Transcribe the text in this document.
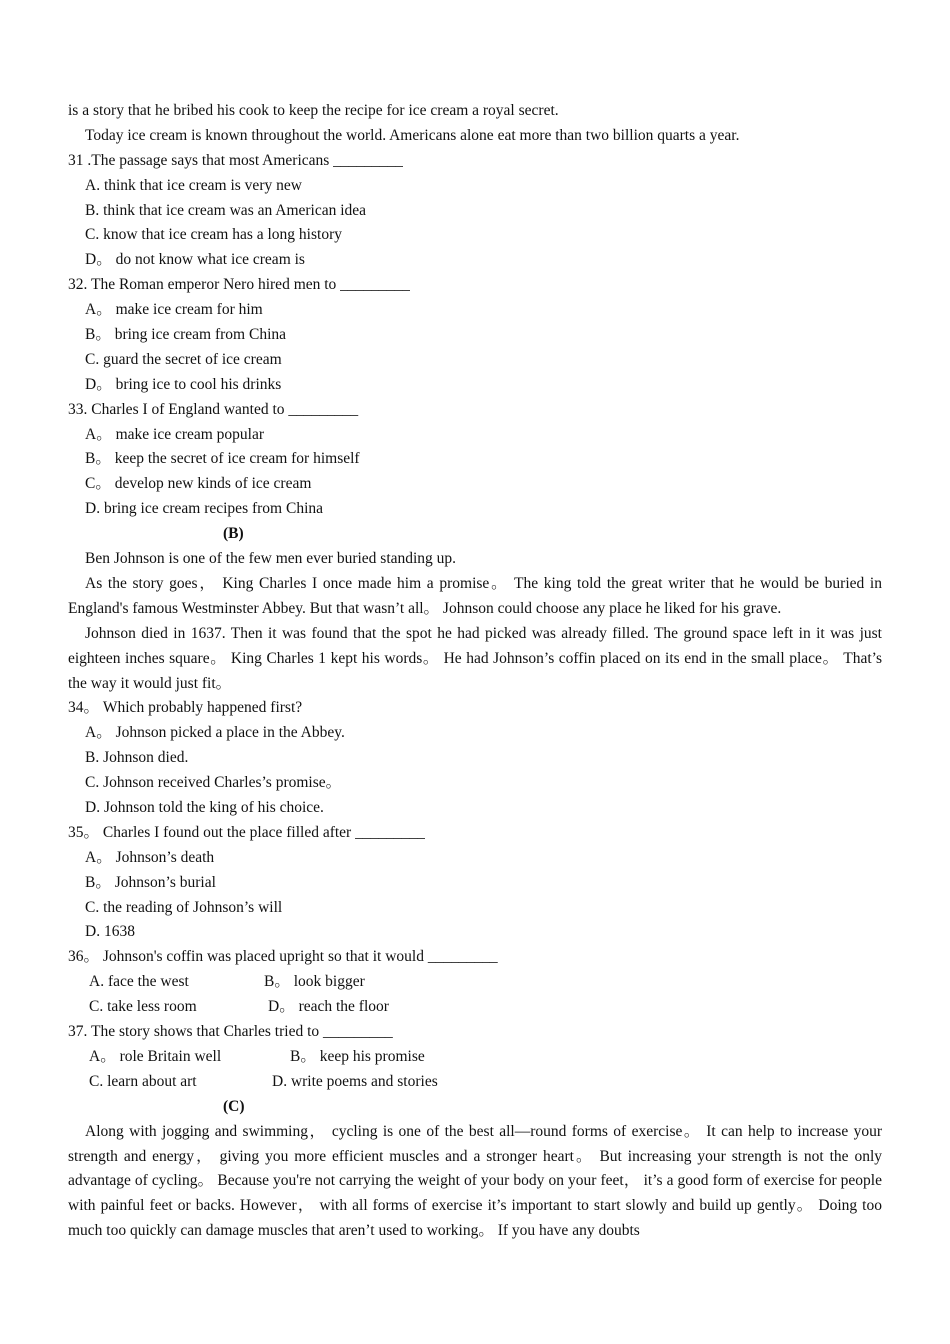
is a story that he bribed his cook to keep the recipe for ice cream a royal secret.
Today ice cream is known throughout the world. Americans alone eat more than two billion quarts a year.
31 .The passage says that most Americans _________
A. think that ice cream is very new
B. think that ice cream was an American idea
C. know that ice cream has a long history
D。 do not know what ice cream is
32. The Roman emperor Nero hired men to _________
A。 make ice cream for him
B。 bring ice cream from China
C. guard the secret of ice cream
D。 bring ice to cool his drinks
33. Charles I of England wanted to _________
A。 make ice cream popular
B。 keep the secret of ice cream for himself
C。 develop new kinds of ice cream
D. bring ice cream recipes from China
(B)
Ben Johnson is one of the few men ever buried standing up.

As the story goes， King Charles I once made him a promise。 The king told the great writer that he would be buried in England's famous Westminster Abbey. But that wasn’t all。 Johnson could choose any place he liked for his grave.

Johnson died in 1637. Then it was found that the spot he had picked was already filled. The ground space left in it was just eighteen inches square。 King Charles 1 kept his words。 He had Johnson’s coffin placed on its end in the small place。 That’s the way it would just fit。

34。 Which probably happened first?
A。 Johnson picked a place in the Abbey.
B. Johnson died.
C. Johnson received Charles’s promise。
D. Johnson told the king of his choice.
35。 Charles I found out the place filled after _________
A。 Johnson’s death
B。 Johnson’s burial
C. the reading of Johnson’s will
D. 1638
36。 Johnson's coffin was placed upright so that it would _________
A. face the west	B。 look bigger
C. take less room	D。 reach the floor
37. The story shows that Charles tried to _________
A。 role Britain well	B。 keep his promise
C. learn about art	D. write poems and stories
(C)

Along with jogging and swimming， cycling is one of the best all—round forms of exercise。 It can help to increase your strength and energy， giving you more efficient muscles and a stronger heart。 But increasing your strength is not the only advantage of cycling。 Because you're not carrying the weight of your body on your feet， it’s a good form of exercise for people with painful feet or backs. However， with all forms of exercise it’s important to start slowly and build up gently。 Doing too much too quickly can damage muscles that aren’t used to working。 If you have any doubts
